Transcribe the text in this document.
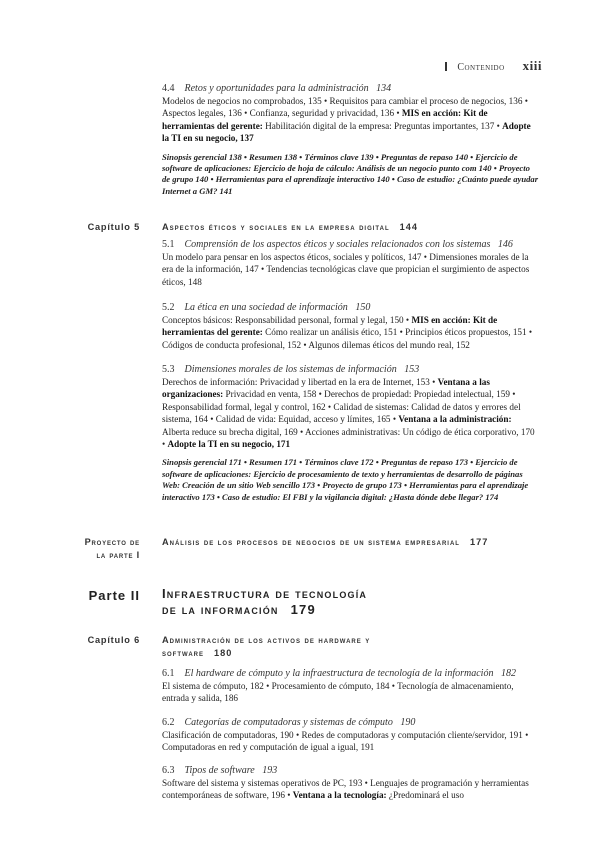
Contenido xiii
4.4 Retos y oportunidades para la administración 134
Modelos de negocios no comprobados, 135 • Requisitos para cambiar el proceso de negocios, 136 • Aspectos legales, 136 • Confianza, seguridad y privacidad, 136 • MIS en acción: Kit de herramientas del gerente: Habilitación digital de la empresa: Preguntas importantes, 137 • Adopte la TI en su negocio, 137
Sinopsis gerencial 138 • Resumen 138 • Términos clave 139 • Preguntas de repaso 140 • Ejercicio de software de aplicaciones: Ejercicio de hoja de cálculo: Análisis de un negocio punto com 140 • Proyecto de grupo 140 • Herramientas para el aprendizaje interactivo 140 • Caso de estudio: ¿Cuánto puede ayudar Internet a GM? 141
Capítulo 5 Aspectos éticos y sociales en la empresa digital 144
5.1 Comprensión de los aspectos éticos y sociales relacionados con los sistemas 146
Un modelo para pensar en los aspectos éticos, sociales y políticos, 147 • Dimensiones morales de la era de la información, 147 • Tendencias tecnológicas clave que propician el surgimiento de aspectos éticos, 148
5.2 La ética en una sociedad de información 150
Conceptos básicos: Responsabilidad personal, formal y legal, 150 • MIS en acción: Kit de herramientas del gerente: Cómo realizar un análisis ético, 151 • Principios éticos propuestos, 151 • Códigos de conducta profesional, 152 • Algunos dilemas éticos del mundo real, 152
5.3 Dimensiones morales de los sistemas de información 153
Derechos de información: Privacidad y libertad en la era de Internet, 153 • Ventana a las organizaciones: Privacidad en venta, 158 • Derechos de propiedad: Propiedad intelectual, 159 • Responsabilidad formal, legal y control, 162 • Calidad de sistemas: Calidad de datos y errores del sistema, 164 • Calidad de vida: Equidad, acceso y límites, 165 • Ventana a la administración: Alberta reduce su brecha digital, 169 • Acciones administrativas: Un código de ética corporativo, 170 • Adopte la TI en su negocio, 171
Sinopsis gerencial 171 • Resumen 171 • Términos clave 172 • Preguntas de repaso 173 • Ejercicio de software de aplicaciones: Ejercicio de procesamiento de texto y herramientas de desarrollo de páginas Web: Creación de un sitio Web sencillo 173 • Proyecto de grupo 173 • Herramientas para el aprendizaje interactivo 173 • Caso de estudio: El FBI y la vigilancia digital: ¿Hasta dónde debe llegar? 174
Proyecto de
la parte I
Análisis de los procesos de negocios de un sistema empresarial 177
Parte II Infraestructura de tecnología
de la información 179
Capítulo 6 Administración de los activos de hardware y
software 180
6.1 El hardware de cómputo y la infraestructura de tecnología de la información 182
El sistema de cómputo, 182 • Procesamiento de cómputo, 184 • Tecnología de almacenamiento, entrada y salida, 186
6.2 Categorías de computadoras y sistemas de cómputo 190
Clasificación de computadoras, 190 • Redes de computadoras y computación cliente/servidor, 191 • Computadoras en red y computación de igual a igual, 191
6.3 Tipos de software 193
Software del sistema y sistemas operativos de PC, 193 • Lenguajes de programación y herramientas contemporáneas de software, 196 • Ventana a la tecnología: ¿Predominará el uso
